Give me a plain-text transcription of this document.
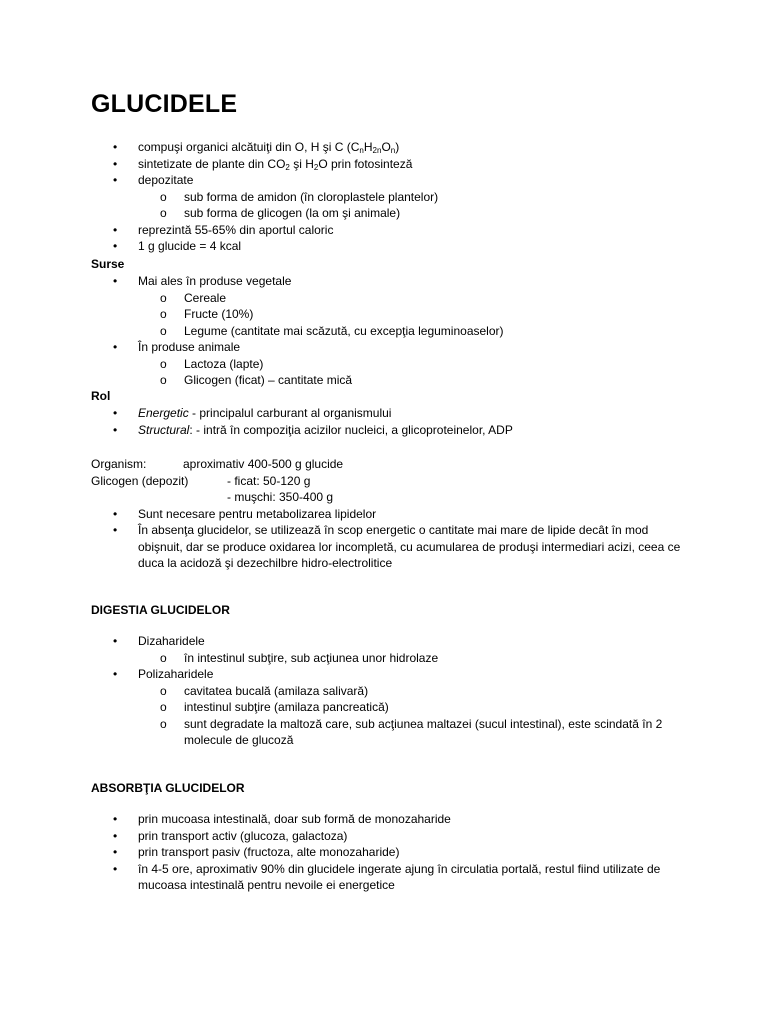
GLUCIDELE
• compuşi organici alcătuiţi din O, H şi C $(C_nH_{2n}O_n)$
• sintetizate de plante din $CO_2$ şi $H_2O$ prin fotosinteză
• depozitate
o sub forma de amidon (în cloroplastele plantelor)
o sub forma de glicogen (la om şi animale)
• reprezintă 55-65% din aportul caloric
• 1 g glucide = 4 kcal
Surse
• Mai ales în produse vegetale
o Cereale
o Fructe (10%)
o Legume (cantitate mai scăzută, cu excepţia leguminoaselor)
• În produse animale
o Lactoza (lapte)
o Glicogen (ficat) – cantitate mică
Rol
• Energetic - principalul carburant al organismului
• Structural: - intră în compoziţia acizilor nucleici, a glicoproteinelor, ADP
Organism:	aproximativ 400-500 g glucide
Glicogen (depozit)	- ficat: 50-120 g
- muşchi: 350-400 g
• Sunt necesare pentru metabolizarea lipidelor
• În absenţa glucidelor, se utilizează în scop energetic o cantitate mai mare de lipide decât în mod obişnuit, dar se produce oxidarea lor incompletă, cu acumularea de produşi intermediari acizi, ceea ce duca la acidoză şi dezechilbre hidro-electrolitice
DIGESTIA GLUCIDELOR
• Dizaharidele
o în intestinul subţire, sub acţiunea unor hidrolaze
• Polizaharidele
o cavitatea bucală (amilaza salivară)
o intestinul subţire (amilaza pancreatică)
o sunt degradate la maltoză care, sub acţiunea maltazei (sucul intestinal), este scindată în 2 molecule de glucoză
ABSORBŢIA GLUCIDELOR
• prin mucoasa intestinală, doar sub formă de monozaharide
• prin transport activ (glucoza, galactoza)
• prin transport pasiv (fructoza, alte monozaharide)
• în 4-5 ore, aproximativ 90% din glucidele ingerate ajung în circulatia portală, restul fiind utilizate de mucoasa intestinală pentru nevoile ei energetice
